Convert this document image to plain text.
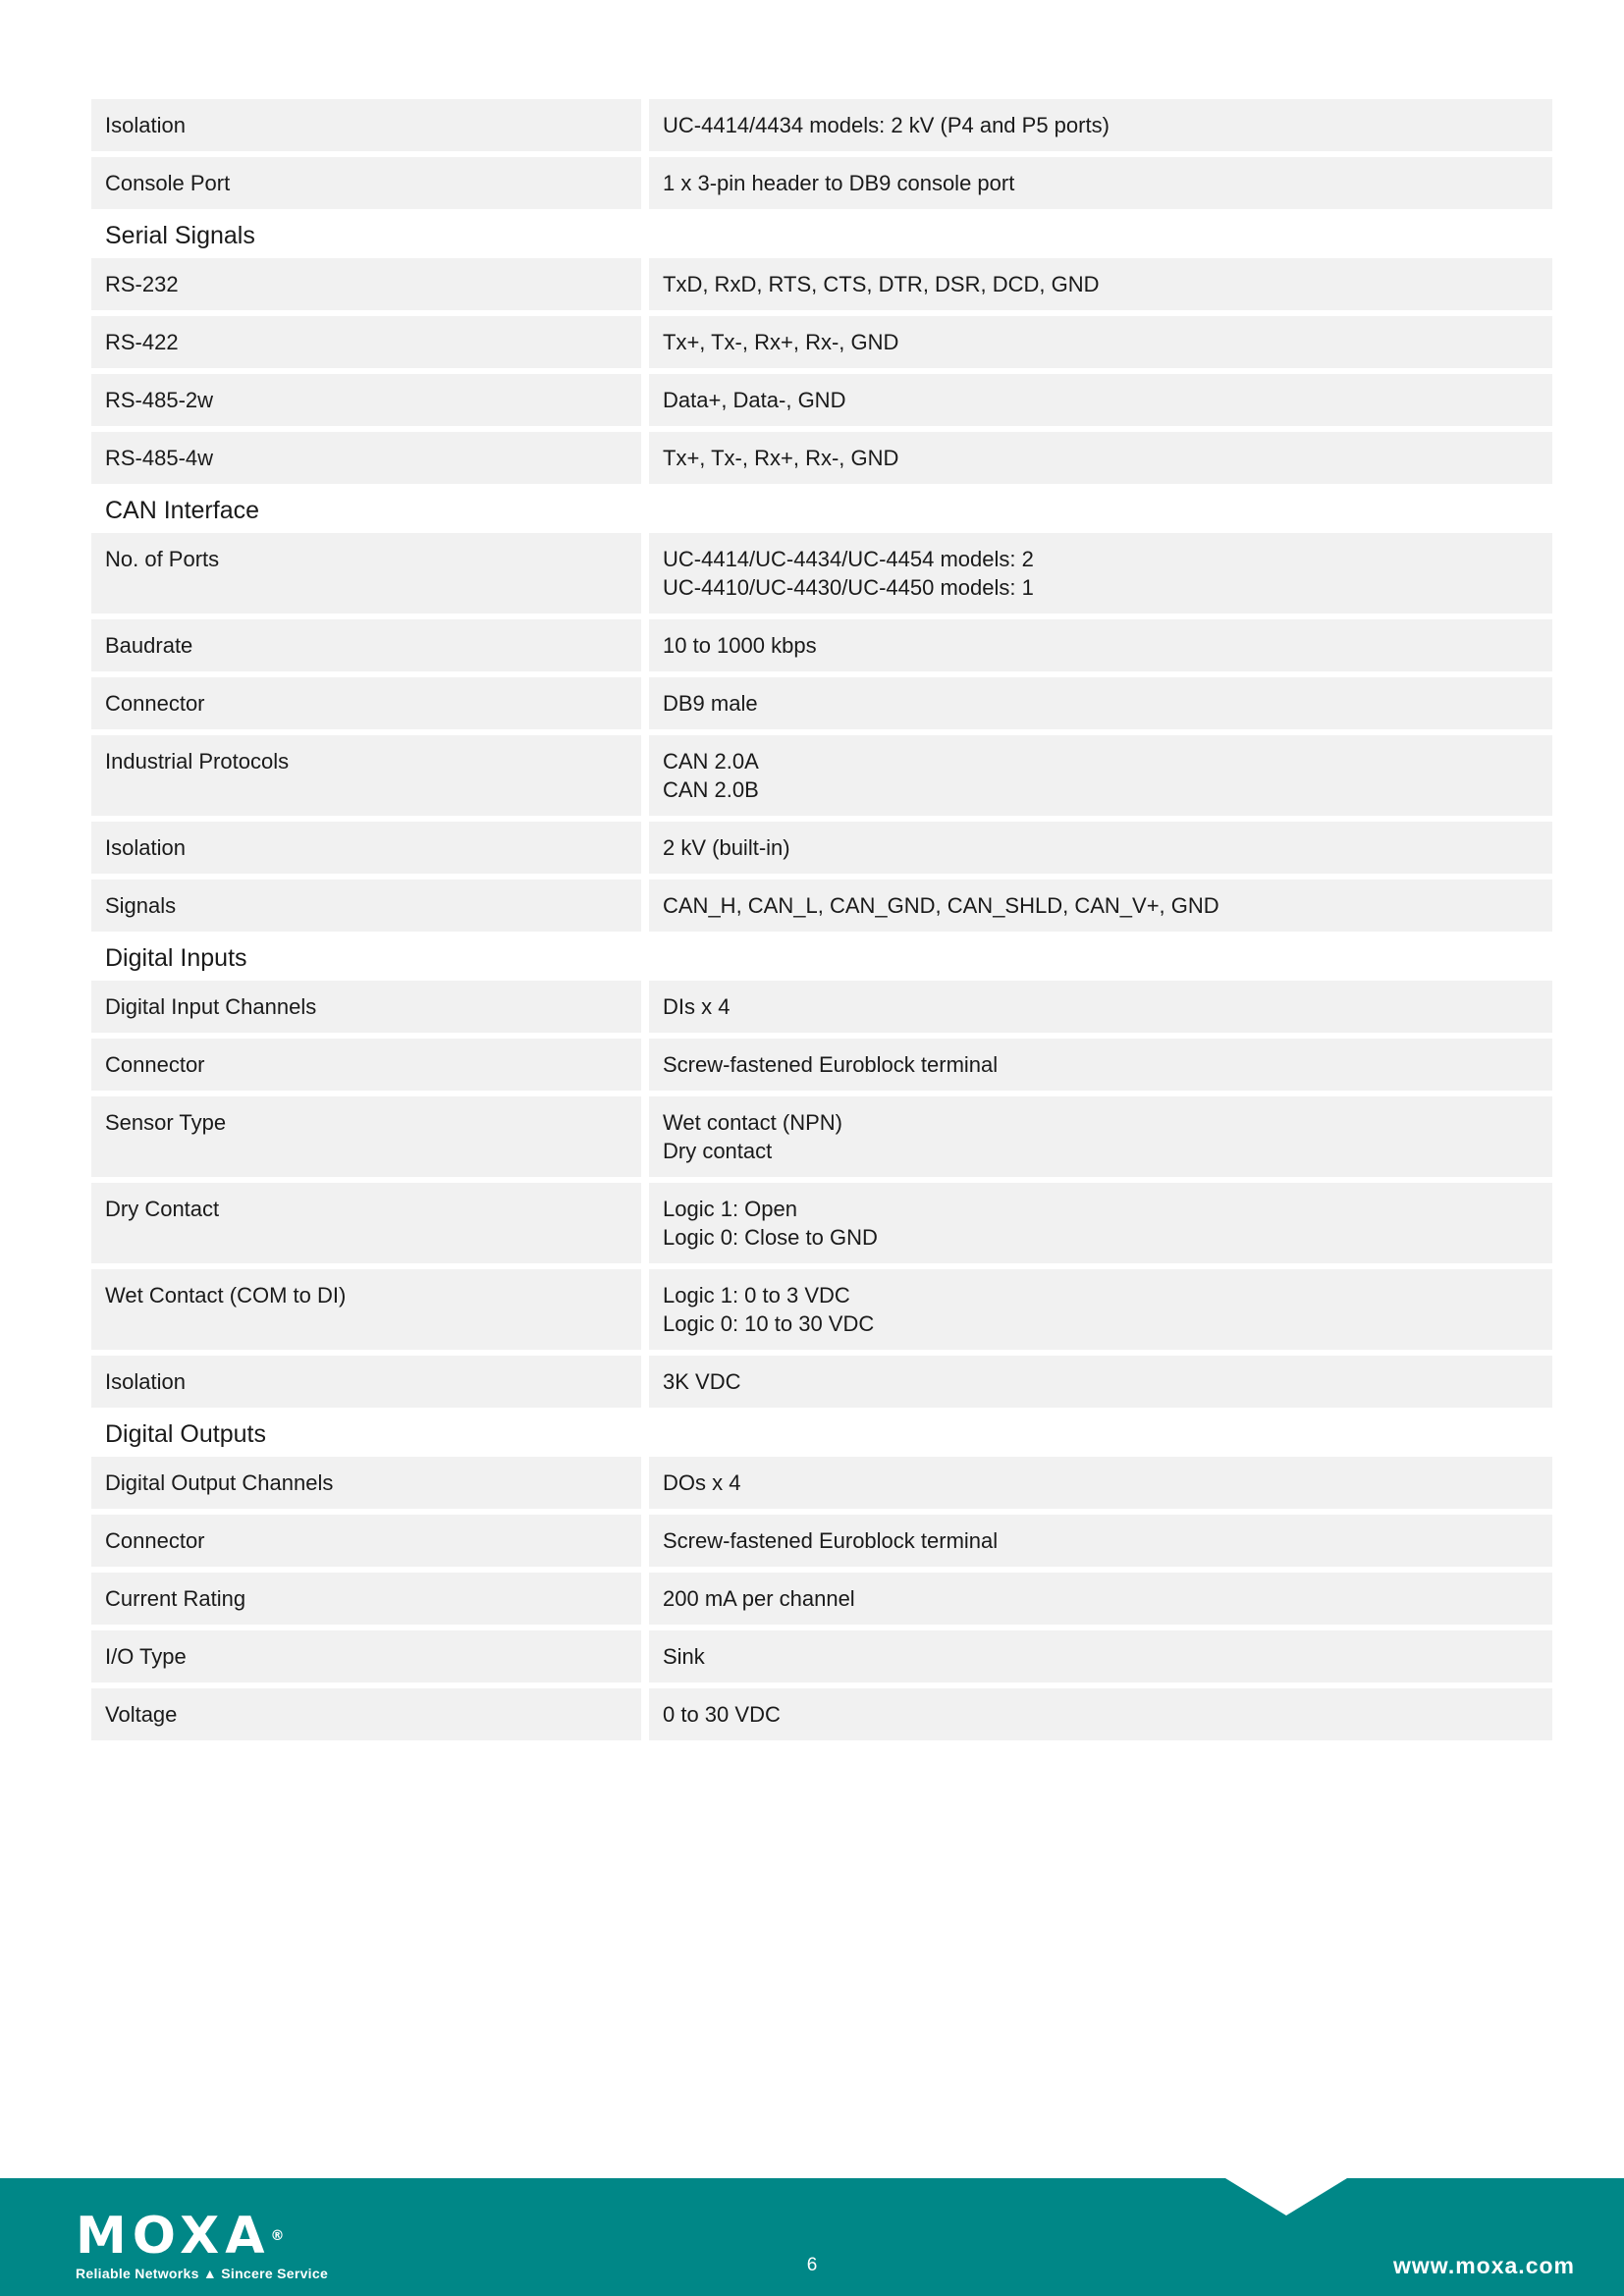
Isolation	UC-4414/4434 models: 2 kV (P4 and P5 ports)
Console Port	1 x 3-pin header to DB9 console port
Serial Signals
RS-232	TxD, RxD, RTS, CTS, DTR, DSR, DCD, GND
RS-422	Tx+, Tx-, Rx+, Rx-, GND
RS-485-2w	Data+, Data-, GND
RS-485-4w	Tx+, Tx-, Rx+, Rx-, GND
CAN Interface
No. of Ports	UC-4414/UC-4434/UC-4454 models: 2
UC-4410/UC-4430/UC-4450 models: 1
Baudrate	10 to 1000 kbps
Connector	DB9 male
Industrial Protocols	CAN 2.0A
CAN 2.0B
Isolation	2 kV (built-in)
Signals	CAN_H, CAN_L, CAN_GND, CAN_SHLD, CAN_V+, GND
Digital Inputs
Digital Input Channels	DIs x 4
Connector	Screw-fastened Euroblock terminal
Sensor Type	Wet contact (NPN)
Dry contact
Dry Contact	Logic 1: Open
Logic 0: Close to GND
Wet Contact (COM to DI)	Logic 1: 0 to 3 VDC
Logic 0: 10 to 30 VDC
Isolation	3K VDC
Digital Outputs
Digital Output Channels	DOs x 4
Connector	Screw-fastened Euroblock terminal
Current Rating	200 mA per channel
I/O Type	Sink
Voltage	0 to 30 VDC
MOXA®
Reliable Networks ▲ Sincere Service	6	www.moxa.com
